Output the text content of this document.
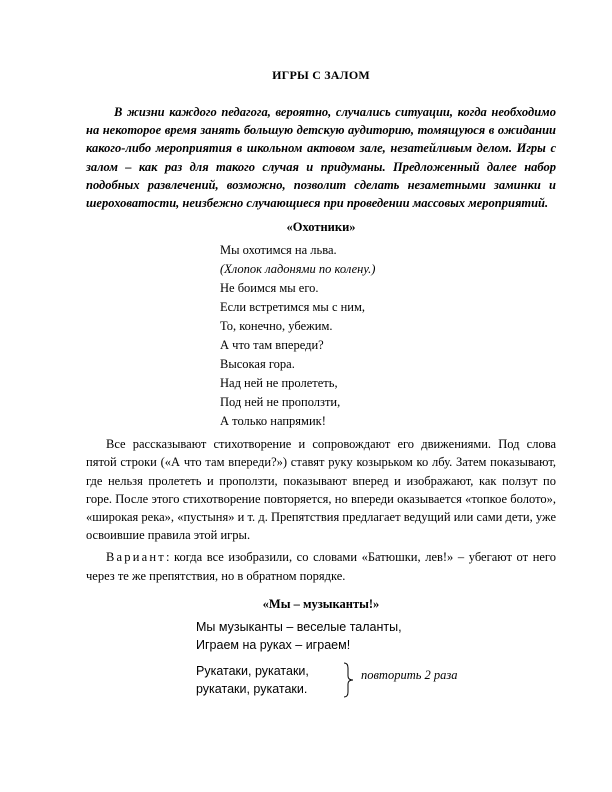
ИГРЫ С ЗАЛОМ

В жизни каждого педагога, вероятно, случались ситуации, когда необходимо на некоторое время занять большую детскую аудиторию, томящуюся в ожидании какого-либо мероприятия в школьном актовом зале, незатейливым делом. Игры с залом – как раз для такого случая и придуманы. Предложенный далее набор подобных развлечений, возможно, позволит сделать незаметными заминки и шероховатости, неизбежно случающиеся при проведении массовых мероприятий.

«Охотники»
Мы охотимся на льва.
(Хлопок ладонями по колену.)
Не боимся мы его.
Если встретимся мы с ним,
То, конечно, убежим.
А что там впереди?
Высокая гора.
Над ней не пролететь,
Под ней не проползти,
А только напрямик!

Все рассказывают стихотворение и сопровождают его движениями. Под слова пятой строки («А что там впереди?») ставят руку козырьком ко лбу. Затем показывают, где нельзя пролететь и проползти, показывают вперед и изображают, как ползут по горе. После этого стихотворение повторяется, но впереди оказывается «топкое болото», «широкая река», «пустыня» и т. д. Препятствия предлагает ведущий или сами дети, уже освоившие правила этой игры.

Вариант: когда все изобразили, со словами «Батюшки, лев!» – убегают от него через те же препятствия, но в обратном порядке.

«Мы – музыканты!»
Мы музыканты – веселые таланты,
Играем на руках – играем!
Рукатаки, рукатаки,
рукатаки, рукатаки.
повторить 2 раза
